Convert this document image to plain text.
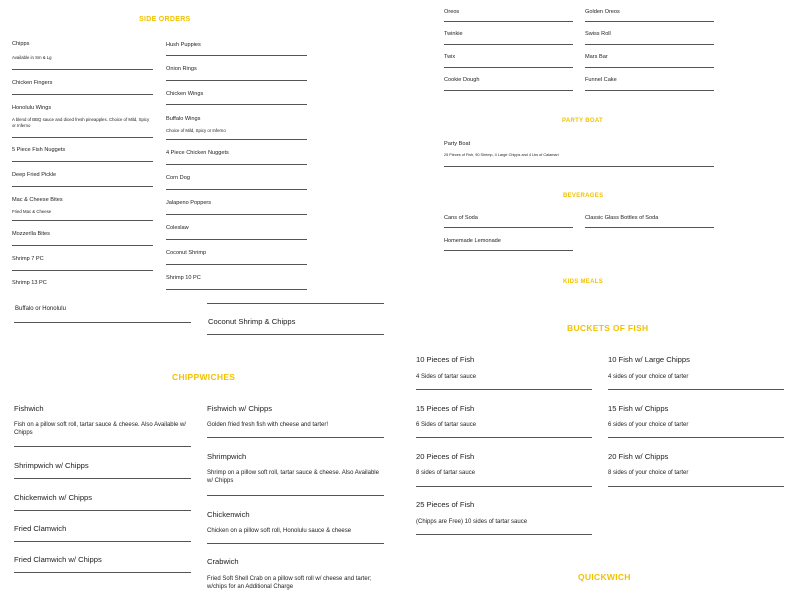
SIDE ORDERS
Chipps
Available in Sm & Lg
Chicken Fingers
Honolulu Wings
A blend of BBQ sauce and diced fresh pineapples. Choice of Mild, Spicy or Inferno
5 Piece Fish Nuggets
Deep Fried Pickle
Mac & Cheese Bites
Fried Mac & Cheese
Mozzerlla Bites
Shrimp 7 PC
Shrimp 13 PC
Hush Puppies
Onion Rings
Chicken Wings
Buffalo Wings
Choice of Mild, Spicy or Inferno
4 Piece Chicken Nuggets
Corn Dog
Jalapeno Poppers
Coleslaw
Coconut Shrimp
Shrimp 10 PC
Buffalo or Honolulu
Coconut Shrimp & Chipps
Oreos
Twinkie
Twix
Cookie Dough
Golden Oreos
Swiss Roll
Mars Bar
Funnel Cake
PARTY BOAT
Party Boat
25 Pieces of Fish, 90 Shrimp, 4 Large Chipps and 4 Lbs of Calamari
BEVERAGES
Cans of Soda
Homemade Lemonade
Classic Glass Bottles of Soda
KIDS MEALS
BUCKETS OF FISH
10 Pieces of Fish
4 Sides of tartar sauce
15 Pieces of Fish
6 Sides of tartar sauce
20 Pieces of Fish
8 sides of tartar sauce
25 Pieces of Fish
(Chipps are Free) 10 sides of tartar sauce
10 Fish w/ Large Chipps
4 sides of your choice of tarter
15 Fish w/ Chipps
6 sides of your choice of tarter
20 Fish w/ Chipps
8 sides of your choice of tarter
CHIPPWICHES
Fishwich
Fish on a pillow soft roll, tartar sauce & cheese. Also Available w/ Chipps
Shrimpwich w/ Chipps
Chickenwich w/ Chipps
Fried Clamwich
Fried Clamwich w/ Chipps
Fishwich w/ Chipps
Golden fried fresh fish with cheese and tarter!
Shrimpwich
Shrimp on a pillow soft roll, tartar sauce & cheese. Also Available w/ Chipps
Chickenwich
Chicken on a pillow soft roll, Honolulu sauce & cheese
Crabwich
Fried Soft Shell Crab on a pillow soft roll w/ cheese and tarter; w/chips for an Additional Charge
QUICKWICH
